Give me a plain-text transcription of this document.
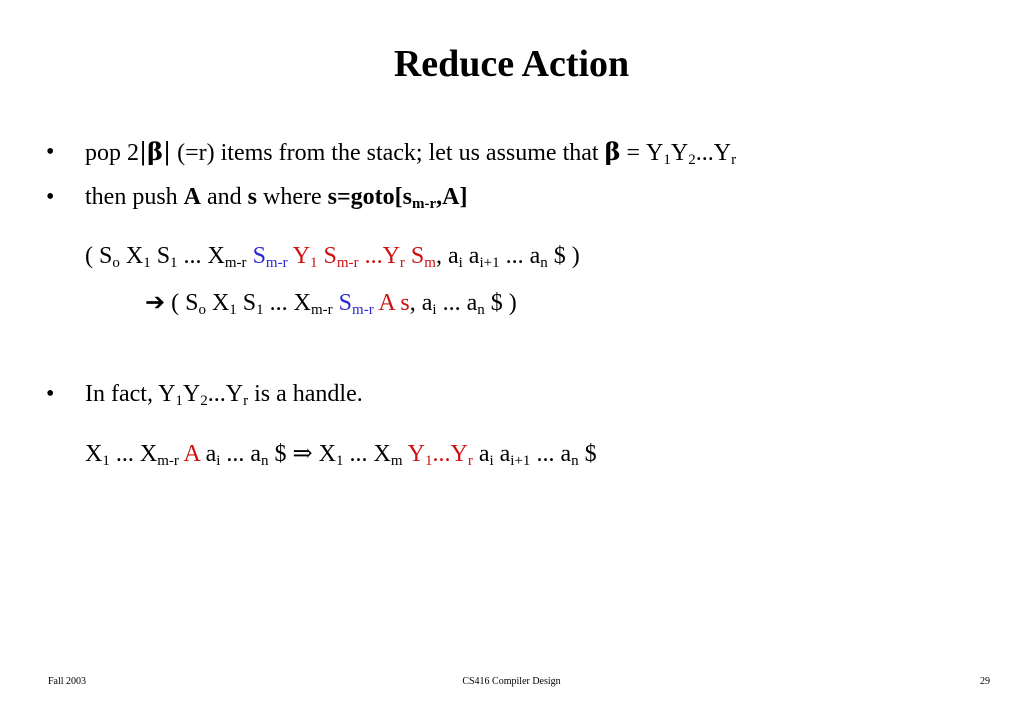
Reduce Action
• pop 2|β| (=r) items from the stack; let us assume that $\beta = Y_1Y_2...Y_r$
• then push A and s where $s=goto[s_{m-r},A]$
( $S_o$ $X_1$ $S_1$ ... $X_{m-r}$ $S_{m-r}$ $Y_1$ $S_{m-r}$ $...Y_r$ $S_m$, $a_i$ $a_{i+1}$ ... $a_n$ $ )
➔ ( $S_o$ $X_1$ $S_1$ ... $X_{m-r}$ $S_{m-r}$ A s, $a_i$ ... $a_n$ $ )
• In fact, $Y_1Y_2...Y_r$ is a handle.
$X_1$ ... $X_{m-r}$ A $a_i$ ... $a_n$ $ ⇒ $X_1$ ... $X_m$ $Y_1...Y_r$ $a_i$ $a_{i+1}$ ... $a_n$ $
Fall 2003	CS416 Compiler Design	29
